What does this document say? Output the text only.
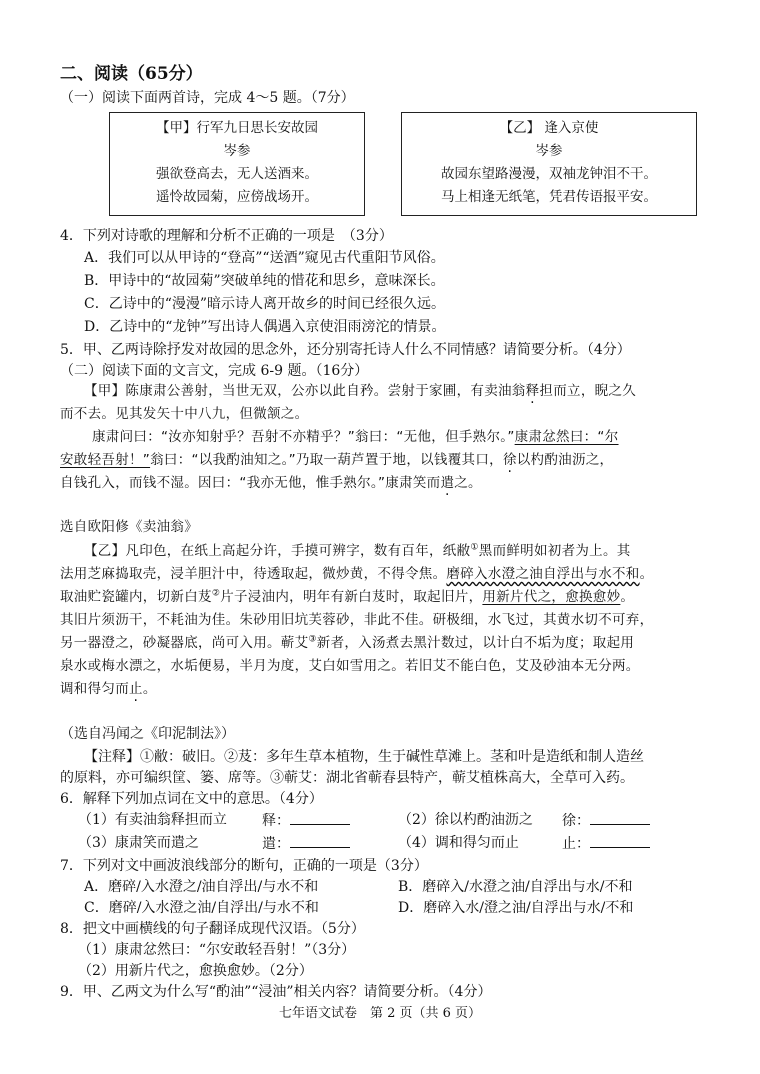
二、阅读（65分）
（一）阅读下面两首诗，完成 4～5 题。（7分）
【甲】行军九日思长安故园
岑参
强欲登高去，无人送酒来。
遥怜故园菊，应傍战场开。
【乙】 逢入京使
岑参
故园东望路漫漫，双袖龙钟泪不干。
马上相逢无纸笔，凭君传语报平安。
4．下列对诗歌的理解和分析不正确的一项是　（3分）
A．我们可以从甲诗的“登高”“送酒”窥见古代重阳节风俗。
B．甲诗中的“故园菊”突破单纯的惜花和思乡，意味深长。
C．乙诗中的“漫漫”暗示诗人离开故乡的时间已经很久远。
D．乙诗中的“龙钟”写出诗人偶遇入京使泪雨滂沱的情景。
5．甲、乙两诗除抒发对故园的思念外，还分别寄托诗人什么不同情感？请简要分析。（4分）
（二）阅读下面的文言文，完成 6-9 题。（16分）
【甲】陈康肃公善射，当世无双，公亦以此自矜。尝射于家圃，有卖油翁释担而立，睨之久
而不去。见其发矢十中八九，但微颔之。
康肃问曰：“汝亦知射乎？吾射不亦精乎？”翁曰：“无他，但手熟尔。”康肃忿然曰：“尔
安敢轻吾射！”翁曰：“以我酌油知之。”乃取一葫芦置于地，以钱覆其口，徐以杓酌油沥之，
自钱孔入，而钱不湿。因曰：“我亦无他，惟手熟尔。”康肃笑而遣之。
选自欧阳修《卖油翁》
【乙】凡印色，在纸上高起分许，手摸可辨字，数有百年，纸敝①黑而鲜明如初者为上。其
法用芝麻捣取壳，浸羊胆汁中，待透取起，微炒黄，不得令焦。磨碎入水澄之油自浮出与水不和。
取油贮瓷罐内，切新白芨②片子浸油内，明年有新白芨时，取起旧片，用新片代之，愈换愈妙。
其旧片须沥干，不耗油为佳。朱砂用旧坑芙蓉砂，非此不佳。研极细，水飞过，其黄水切不可弃，
另一器澄之，砂凝器底，尚可入用。蕲艾③新者，入汤煮去黑汁数过，以计白不垢为度；取起用
泉水或梅水漂之，水垢便易，半月为度，艾白如雪用之。若旧艾不能白色，艾及砂油本无分两。
调和得匀而止。
（选自冯闻之《印泥制法》）
【注释】①敝：破旧。②芨：多年生草本植物，生于碱性草滩上。茎和叶是造纸和制人造丝
的原料，亦可编织筐、篓、席等。③蕲艾：湖北省蕲春县特产，蕲艾植株高大，全草可入药。
6．解释下列加点词在文中的意思。（4分）
（1）有卖油翁释担而立	释：	（2）徐以杓酌油沥之 徐：
（3）康肃笑而遣之	遣：	（4）调和得匀而止	止：
7．下列对文中画波浪线部分的断句，正确的一项是（3分）
A．磨碎/入水澄之/油自浮出/与水不和	B．磨碎入/水澄之油/自浮出与水/不和
C．磨碎/入水澄之油/自浮出/与水不和	D．磨碎入水/澄之油/自浮出与水/不和
8．把文中画横线的句子翻译成现代汉语。（5分）
（1）康肃忿然曰：“尔安敢轻吾射！”（3分）
（2）用新片代之，愈换愈妙。（2分）
9．甲、乙两文为什么写“酌油”“浸油”相关内容？请简要分析。（4分）
七年语文试卷　第 2 页（共 6 页）
